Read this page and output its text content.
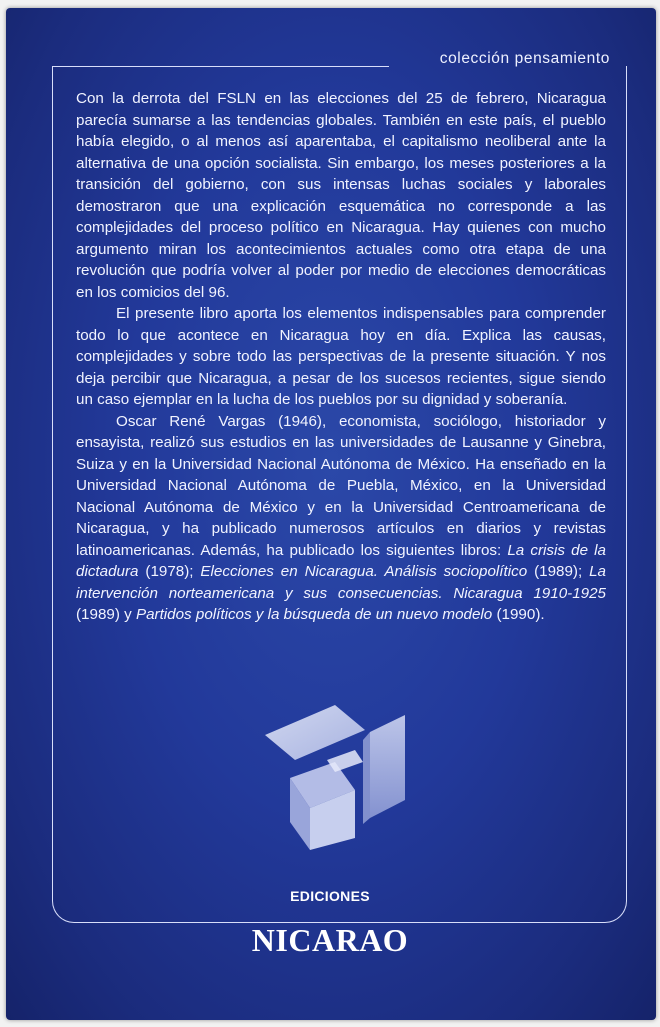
colección pensamiento

Con la derrota del FSLN en las elecciones del 25 de febrero, Nicaragua parecía sumarse a las tendencias globales. También en este país, el pueblo había elegido, o al menos así aparentaba, el capitalismo neoliberal ante la alternativa de una opción socialista. Sin embargo, los meses posteriores a la transición del gobierno, con sus intensas luchas sociales y laborales demostraron que una explicación esquemática no corresponde a las complejidades del proceso político en Nicaragua. Hay quienes con mucho argumento miran los acontecimientos actuales como otra etapa de una revolución que podría volver al poder por medio de elecciones democráticas en los comicios del 96.

El presente libro aporta los elementos indispensables para comprender todo lo que acontece en Nicaragua hoy en día. Explica las causas, complejidades y sobre todo las perspectivas de la presente situación. Y nos deja percibir que Nicaragua, a pesar de los sucesos recientes, sigue siendo un caso ejemplar en la lucha de los pueblos por su dignidad y soberanía.

Oscar René Vargas (1946), economista, sociólogo, historiador y ensayista, realizó sus estudios en las universidades de Lausanne y Ginebra, Suiza y en la Universidad Nacional Autónoma de México. Ha enseñado en la Universidad Nacional Autónoma de Puebla, México, en la Universidad Nacional Autónoma de México y en la Universidad Centroamericana de Nicaragua, y ha publicado numerosos artículos en diarios y revistas latinoamericanas. Además, ha publicado los siguientes libros: La crisis de la dictadura (1978); Elecciones en Nicaragua. Análisis sociopolítico (1989); La intervención norteamericana y sus consecuencias. Nicaragua 1910-1925 (1989) y Partidos políticos y la búsqueda de un nuevo modelo (1990).

EDICIONES
NICARAO
